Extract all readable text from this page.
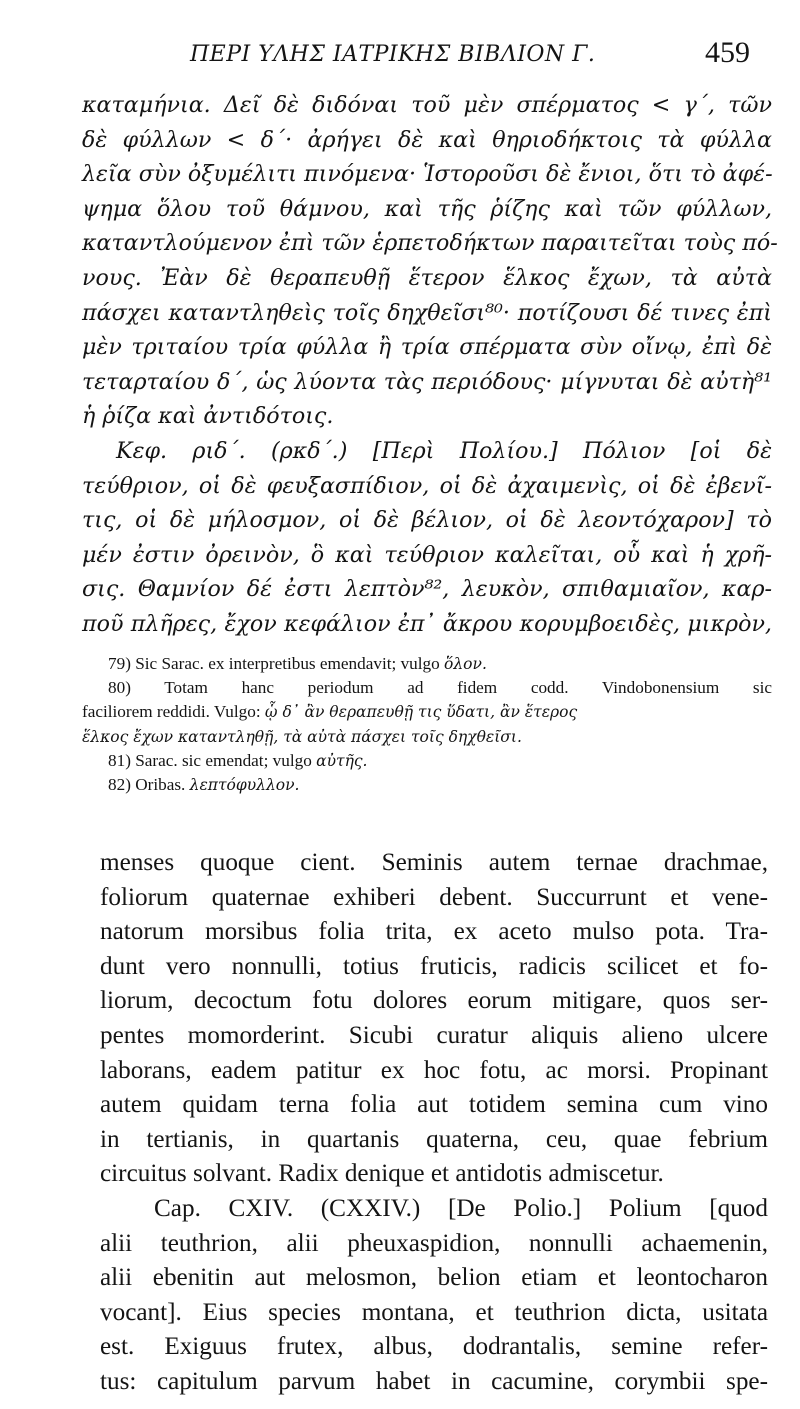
ΠΕΡΙ ΥΛΗΣ ΙΑΤΡΙΚΗΣ ΒΙΒΛΙΟΝ Γ.	459
καταμήνια. Δεῖ δὲ διδόναι τοῦ μὲν σπέρματος < γ´, τῶν
δὲ φύλλων < δ´· ἀρήγει δὲ καὶ θηριοδήκτοις τὰ φύλλα
λεῖα σὺν ὀξυμέλιτι πινόμενα· Ἱστοροῦσι δὲ ἔνιοι, ὅτι τὸ ἀφέ-
ψημα ὅλου τοῦ θάμνου, καὶ τῆς ῥίζης καὶ τῶν φύλλων,
καταντλούμενον ἐπὶ τῶν ἑρπετοδήκτων παραιτεῖται τοὺς πό-
νους. Ἐὰν δὲ θεραπευθῇ ἕτερον ἕλκος ἔχων, τὰ αὐτὰ
πάσχει καταντληθεὶς τοῖς δηχθεῖσι⁸⁰· ποτίζουσι δέ τινες ἐπὶ
μὲν τριταίου τρία φύλλα ἢ τρία σπέρματα σὺν οἴνῳ, ἐπὶ δὲ
τεταρταίου δ´, ὡς λύοντα τὰς περιόδους· μίγνυται δὲ αὐτὴ⁸¹
ἡ ῥίζα καὶ ἀντιδότοις.
Κεφ. ριδ´. (ρκδ´.) [Περὶ Πολίου.] Πόλιον [οἱ δὲ
τεύθριον, οἱ δὲ φευξασπίδιον, οἱ δὲ ἀχαιμενὶς, οἱ δὲ ἐβενῖ-
τις, οἱ δὲ μήλοσμον, οἱ δὲ βέλιον, οἱ δὲ λεοντόχαρον] τὸ
μέν ἐστιν ὀρεινὸν, ὃ καὶ τεύθριον καλεῖται, οὗ καὶ ἡ χρῆ-
σις. Θαμνίον δέ ἐστι λεπτὸν⁸², λευκὸν, σπιθαμιαῖον, καρ-
ποῦ πλῆρες, ἔχον κεφάλιον ἐπ᾽ ἄκρου κορυμβοειδὲς, μικρὸν,
79) Sic Sarac. ex interpretibus emendavit; vulgo ὅλον.
80) Totam hanc periodum ad fidem codd. Vindobonensium sic
faciliorem reddidi. Vulgo: ᾧ δ᾽ ἂν θεραπευθῇ τις ὕδατι, ἂν ἕτερος
ἕλκος ἔχων καταντληθῇ, τὰ αὐτὰ πάσχει τοῖς δηχθεῖσι.
81) Sarac. sic emendat; vulgo αὐτῆς.
82) Oribas. λεπτόφυλλον.
menses quoque cient. Seminis autem ternae drachmae,
foliorum quaternae exhiberi debent. Succurrunt et vene-
natorum morsibus folia trita, ex aceto mulso pota. Tra-
dunt vero nonnulli, totius fruticis, radicis scilicet et fo-
liorum, decoctum fotu dolores eorum mitigare, quos ser-
pentes momorderint. Sicubi curatur aliquis alieno ulcere
laborans, eadem patitur ex hoc fotu, ac morsi. Propinant
autem quidam terna folia aut totidem semina cum vino
in tertianis, in quartanis quaterna, ceu, quae febrium
circuitus solvant. Radix denique et antidotis admiscetur.
Cap. CXIV. (CXXIV.) [De Polio.] Polium [quod
alii teuthrion, alii pheuxaspidion, nonnulli achaemenin,
alii ebenitin aut melosmon, belion etiam et leontocharon
vocant]. Eius species montana, et teuthrion dicta, usitata
est. Exiguus frutex, albus, dodrantalis, semine refer-
tus: capitulum parvum habet in cacumine, corymbii spe-
